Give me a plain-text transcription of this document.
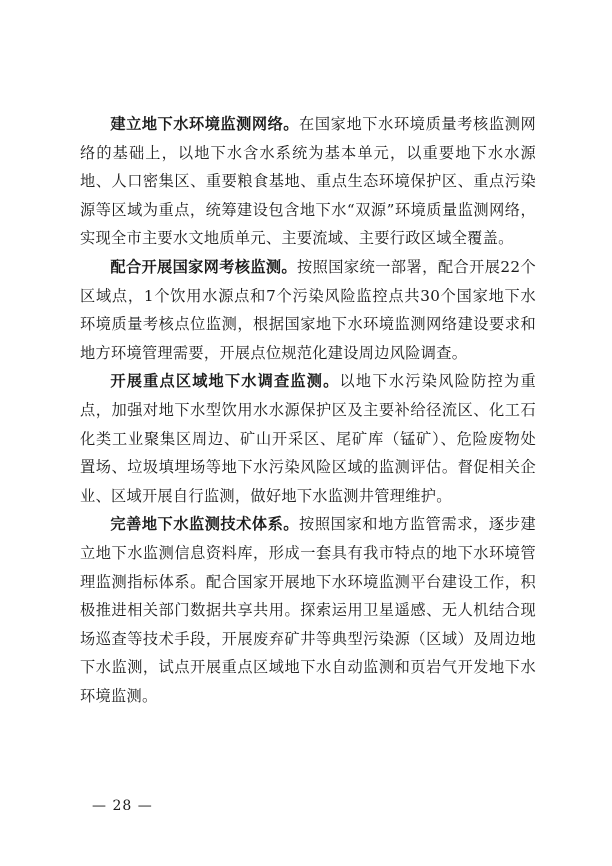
建立地下水环境监测网络。在国家地下水环境质量考核监测网络的基础上，以地下水含水系统为基本单元，以重要地下水水源地、人口密集区、重要粮食基地、重点生态环境保护区、重点污染源等区域为重点，统筹建设包含地下水“双源”环境质量监测网络，实现全市主要水文地质单元、主要流域、主要行政区域全覆盖。

配合开展国家网考核监测。按照国家统一部署，配合开展22个区域点，1个饮用水源点和7个污染风险监控点共30个国家地下水环境质量考核点位监测，根据国家地下水环境监测网络建设要求和地方环境管理需要，开展点位规范化建设周边风险调查。

开展重点区域地下水调查监测。以地下水污染风险防控为重点，加强对地下水型饮用水水源保护区及主要补给径流区、化工石化类工业聚集区周边、矿山开采区、尾矿库（锰矿）、危险废物处置场、垃圾填埋场等地下水污染风险区域的监测评估。督促相关企业、区域开展自行监测，做好地下水监测井管理维护。

完善地下水监测技术体系。按照国家和地方监管需求，逐步建立地下水监测信息资料库，形成一套具有我市特点的地下水环境管理监测指标体系。配合国家开展地下水环境监测平台建设工作，积极推进相关部门数据共享共用。探索运用卫星遥感、无人机结合现场巡查等技术手段，开展废弃矿井等典型污染源（区域）及周边地下水监测，试点开展重点区域地下水自动监测和页岩气开发地下水环境监测。

— 28 —
